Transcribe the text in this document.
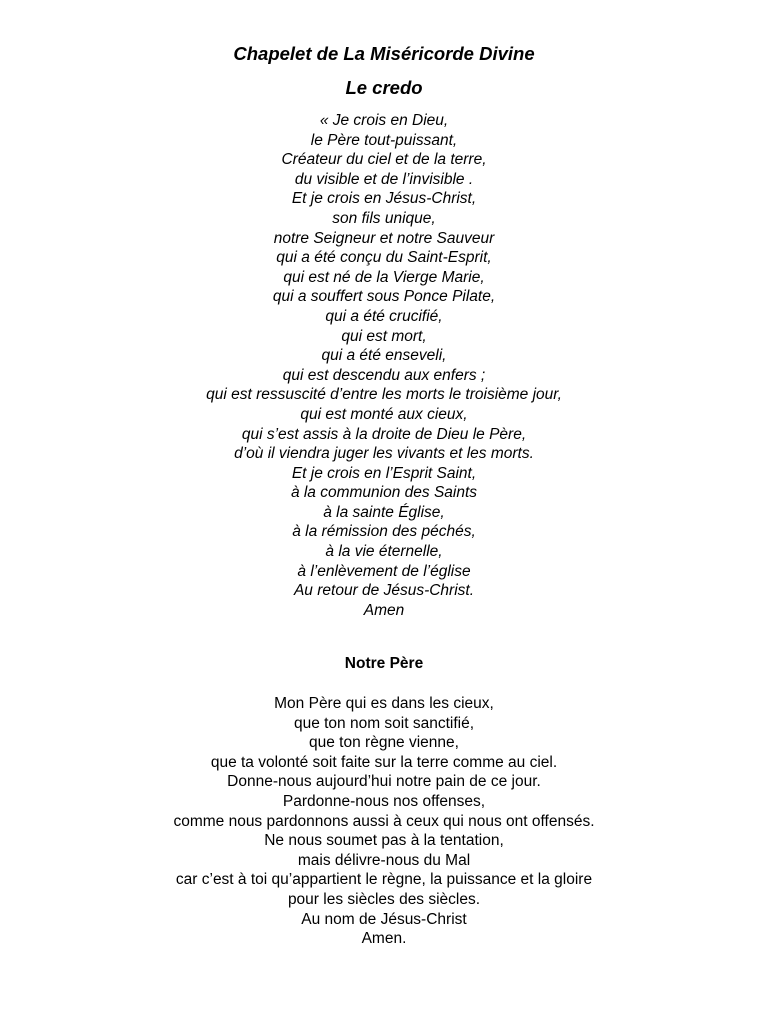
Chapelet de La Miséricorde Divine
Le credo
« Je crois en Dieu,
le Père tout-puissant,
Créateur du ciel et de la terre,
du visible et de l’invisible .
Et je crois en Jésus-Christ,
son fils unique,
notre Seigneur et notre Sauveur
qui a été conçu du Saint-Esprit,
qui est né de la Vierge Marie,
qui a souffert sous Ponce Pilate,
qui a été crucifié,
qui est mort,
qui a été enseveli,
qui est descendu aux enfers ;
qui est ressuscité d’entre les morts le troisième jour,
qui est monté aux cieux,
qui s’est assis à la droite de Dieu le Père,
d’où il viendra juger les vivants et les morts.
Et je crois en l’Esprit Saint,
à la communion des Saints
à la sainte Église,
à la rémission des péchés,
à la vie éternelle,
à l’enlèvement de l’église
Au retour de Jésus-Christ.
Amen
Notre Père
Mon Père qui es dans les cieux,
que ton nom soit sanctifié,
que ton règne vienne,
que ta volonté soit faite sur la terre comme au ciel.
Donne-nous aujourd’hui notre pain de ce jour.
Pardonne-nous nos offenses,
comme nous pardonnons aussi à ceux qui nous ont offensés.
Ne nous soumet pas à la tentation,
mais délivre-nous du Mal
car c’est à toi qu’appartient le règne, la puissance et la gloire
pour les siècles des siècles.
Au nom de Jésus-Christ
Amen.
